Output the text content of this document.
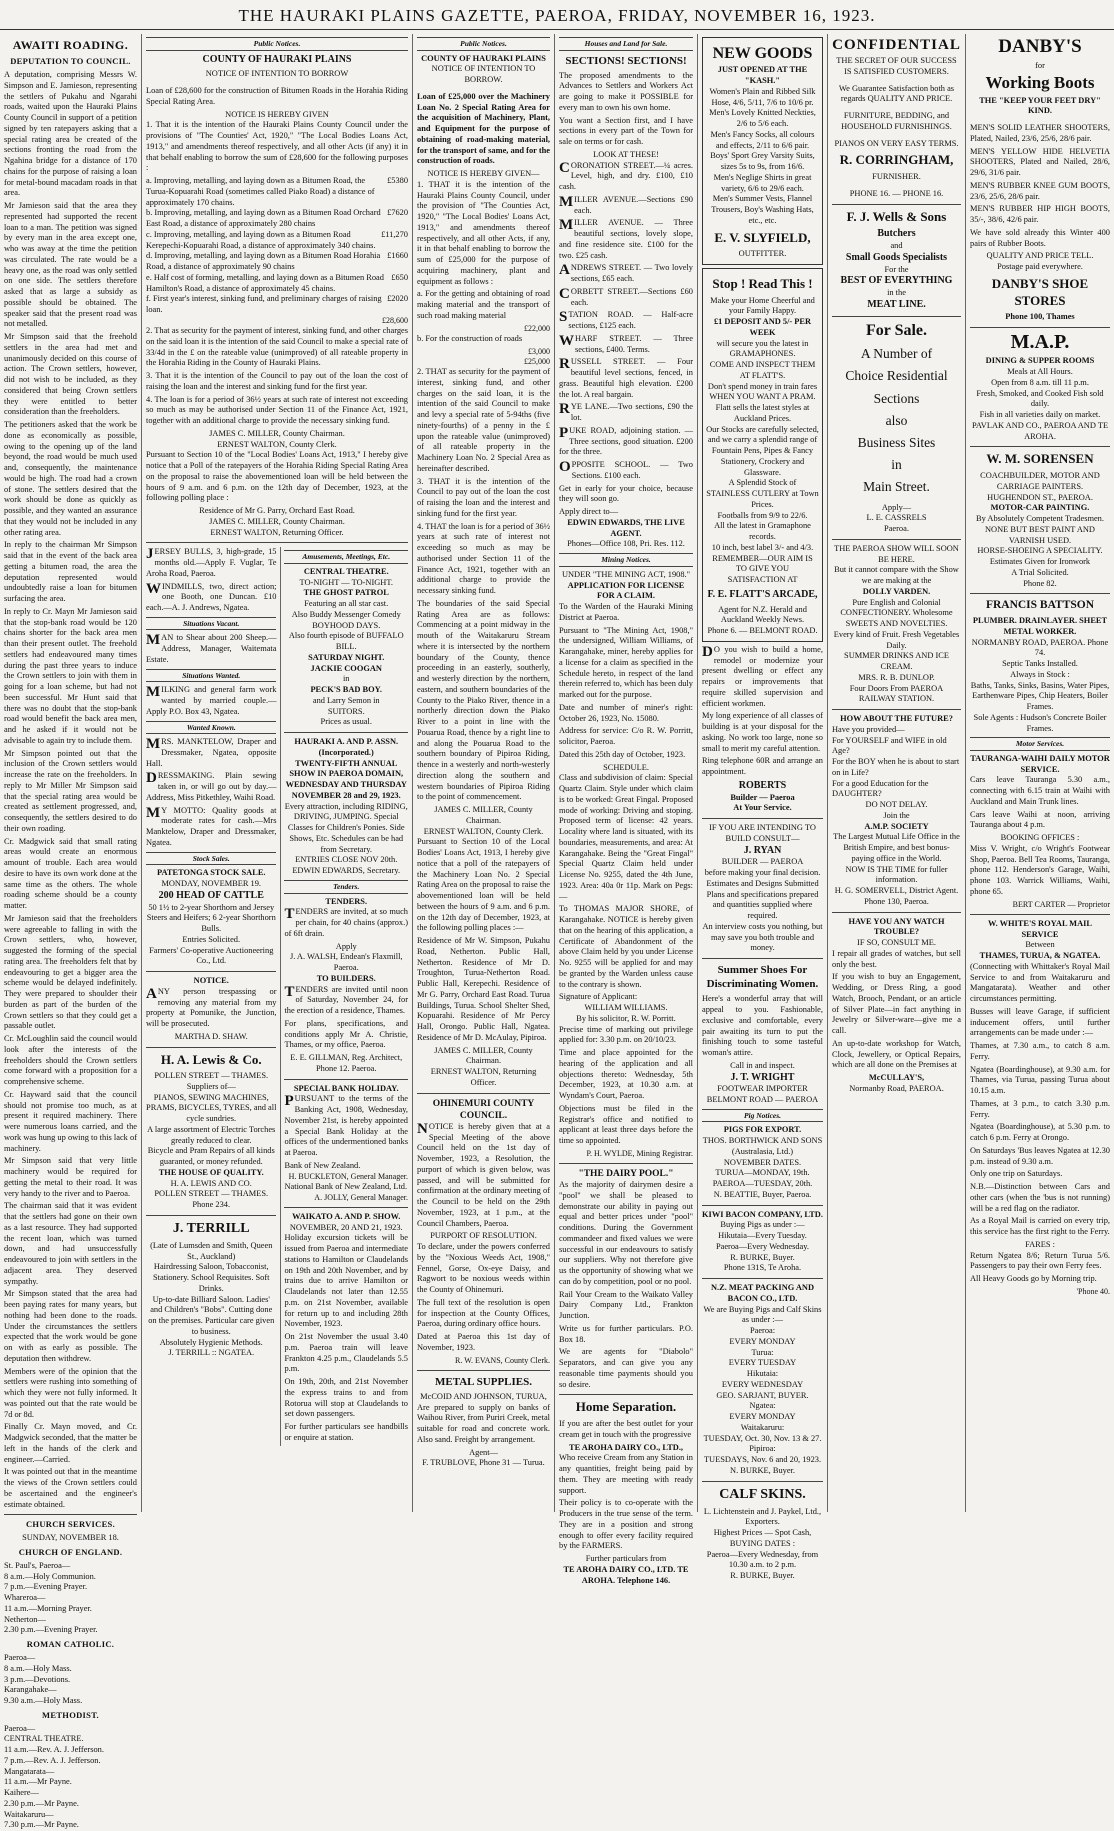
THE HAURAKI PLAINS GAZETTE, PAEROA, FRIDAY, NOVEMBER 16, 1923.
AWAITI ROADING.
DEPUTATION TO COUNCIL.

A deputation, comprising Messrs W. Simpson and E. Jamieson, representing the settlers of Pukahu and Ngarahi roads, waited upon the Hauraki Plains County Council in support of a petition signed by ten ratepayers asking that a special rating area be created of the sections fronting the road from the Ngahina bridge for a distance of 170 chains for the purpose of raising a loan for metal-bound macadam roads in that area.

Mr Jamieson said that the area they represented had supported the recent loan to a man. The petition was signed by every man in the area except one, who was away at the time the petition was circulated. The rate would be a heavy one, as the road was only settled on one side. The settlers therefore asked that as large a subsidy as possible should be obtained. The speaker said that the present road was not metalled.

Mr Simpson said that the freehold settlers in the area had met and unanimously decided on this course of action. The Crown settlers, however, did not wish to be included, as they considered that being Crown settlers they were entitled to better consideration than the freeholders.

The petitioners asked that the work be done as economically as possible, owing to the opening up of the land beyond, the road would be much used and, consequently, the maintenance would be high. The road had a crown of stone. The settlers desired that the work should be done as quickly as possible, and they wanted an assurance that they would not be included in any other rating area.

In reply to the chairman Mr Simpson said that in the event of the back area getting a bitumen road, the area the deputation represented would undoubtedly raise a loan for bitumen surfacing the area.

In reply to Cr. Mayn Mr Jamieson said that the stop-bank road would be 120 chains shorter for the back area men than their present outlet. The freehold settlers had endeavoured many times during the past three years to induce the Crown settlers to join with them in going for a loan scheme, but had not been successful. Mr Hunt said that there was no doubt that the stop-bank road would benefit the back area men, and he asked if it would not be advisable to again try to include them.

Mr Simpson pointed out that the inclusion of the Crown settlers would increase the rate on the freeholders. In reply to Mr Miller Mr Simpson said that the special rating area would be created as settlement progressed, and, consequently, the settlers desired to do their own roading.

Cr. Madgwick said that small rating areas would create an enormous amount of trouble. Each area would desire to have its own work done at the same time as the others. The whole roading scheme should be a county matter.

Mr Jamieson said that the freeholders were agreeable to falling in with the Crown settlers, who, however, suggested the forming of the special rating area. The freeholders felt that by endeavouring to get a bigger area the scheme would be delayed indefinitely. They were prepared to shoulder their burden as part of the burden of the Crown settlers so that they could get a passable outlet.

Cr. McLoughlin said the council would look after the interests of the freeholders should the Crown settlers come forward with a proposition for a comprehensive scheme.

Cr. Hayward said that the council should not promise too much, as at present it required machinery. There were numerous loans carried, and the work was hung up owing to this lack of machinery.

Mr Simpson said that very little machinery would be required for getting the metal to their road. It was very handy to the river and to Paeroa.

The chairman said that it was evident that the settlers had gone on their own as a last resource. They had supported the recent loan, which was turned down, and had unsuccessfully endeavoured to join with settlers in the adjacent area. They deserved sympathy.

Mr Simpson stated that the area had been paying rates for many years, but nothing had been done to the roads. Under the circumstances the settlers expected that the work would be gone on with as early as possible. The deputation then withdrew.

Members were of the opinion that the settlers were rushing into something of which they were not fully informed. It was pointed out that the rate would be 7d or 8d.

Finally Cr. Mayn moved, and Cr. Madgwick seconded, that the matter be left in the hands of the clerk and engineer.—Carried.

It was pointed out that in the meantime the views of the Crown settlers could be ascertained and the engineer's estimate obtained.

CHURCH SERVICES.
SUNDAY, NOVEMBER 18.
CHURCH OF ENGLAND.
St. Paul's, Paeroa—
8 a.m.—Holy Communion.
7 p.m.—Evening Prayer.
Whareroa—
11 a.m.—Morning Prayer.
Netherton—
2.30 p.m.—Evening Prayer.
ROMAN CATHOLIC.
Paeroa—
8 a.m.—Holy Mass.
3 p.m.—Devotions.
Karangahake—
9.30 a.m.—Holy Mass.
METHODIST.
Paeroa—
CENTRAL THEATRE.
11 a.m.—Rev. A. J. Jefferson.
7 p.m.—Rev. A. J. Jefferson.
Mangatarata—
11 a.m.—Mr Payne.
Kaihere—
2.30 p.m.—Mr Payne.
Waitakaruru—
7.30 p.m.—Mr Payne.
Public Notices.
COUNTY OF HAURAKI PLAINS
NOTICE OF INTENTION TO BORROW

Loan of £28,600 for the construction of Bitumen Roads in the Horahia Riding Special Rating Area.

NOTICE IS HEREBY GIVEN

1. That it is the intention of the Hauraki Plains County Council under the provisions of "The Counties' Act, 1920," "The Local Bodies Loans Act, 1913," and amendments thereof respectively, and all other Acts (if any) it in that behalf enabling to borrow the sum of £28,600 for the following purposes :

a. Improving, metalling, and laying down as a Bitumen Road, the Turua-Kopuarahi Road (sometimes called Piako Road) a distance of approximately 170 chains.
£5380
b. Improving, metalling, and laying down as a Bitumen Road Orchard East Road, a distance of approximately 280 chains
£7620
c. Improving, metalling, and laying down as a Bitumen Road Kerepechi-Kopuarahi Road, a distance of approximately 340 chains.
£11,270
d. Improving, metalling, and laying down as a Bitumen Road Horahia Road, a distance of approximately 90 chains
£1660
e. Half cost of forming, metalling, and laying down as a Bitumen Road Hamilton's Road, a distance of approximately 45 chains.
£650
f. First year's interest, sinking fund, and preliminary charges of raising loan.
£2020
£28,600

2. That as security for the payment of interest, sinking fund, and other charges on the said loan it is the intention of the said Council to make a special rate of 33/4d in the £ on the rateable value (unimproved) of all rateable property in the Horahia Riding in the County of Hauraki Plains.

3. That it is the intention of the Council to pay out of the loan the cost of raising the loan and the interest and sinking fund for the first year.

4. The loan is for a period of 36½ years at such rate of interest not exceeding so much as may be authorised under Section 11 of the Finance Act, 1921, together with an additional charge to provide the necessary sinking fund.

JAMES C. MILLER, County Chairman.
ERNEST WALTON, County Clerk.

Pursuant to Section 10 of the "Local Bodies' Loans Act, 1913," I hereby give notice that a Poll of the ratepayers of the Horahia Riding Special Rating Area on the proposal to raise the abovementioned loan will be held between the hours of 9 a.m. and 6 p.m. on the 12th day of December, 1923, at the following polling place :

Residence of Mr G. Parry, Orchard East Road.
JAMES C. MILLER, County Chairman.
ERNEST WALTON, Returning Officer.

JERSEY BULLS, 3, high-grade, 15 months old.—Apply F. Vuglar, Te Aroha Road, Paeroa.

WINDMILLS, two, direct action; one Booth, one Duncan. £10 each.—A. J. Andrews, Ngatea.

Situations Vacant.

MAN to Shear about 200 Sheep.—Address, Manager, Waitemata Estate.

Situations Wanted.

MILKING and general farm work wanted by married couple.—Apply P.O. Box 43, Ngatea.

Wanted Known.

MRS. MANKTELOW, Draper and Dressmaker, Ngatea, opposite Hall.

DRESSMAKING. Plain sewing taken in, or will go out by day.—Address, Miss Pitkethley, Waihi Road.

MY MOTTO: Quality goods at moderate rates for cash.—Mrs Manktelow, Draper and Dressmaker, Ngatea.

Stock Sales.
PATETONGA STOCK SALE.
MONDAY, NOVEMBER 19.
200 HEAD OF CATTLE
50 1½ to 2-year Shorthorn and Jersey Steers and Heifers; 6 2-year Shorthorn Bulls.
Entries Solicited.
Farmers' Co-operative Auctioneering Co., Ltd.
NOTICE.

ANY person trespassing or removing any material from my property at Pomunike, the Junction, will be prosecuted.

MARTHA D. SHAW.
H. A. Lewis & Co.
POLLEN STREET — THAMES.
Suppliers of—
PIANOS, SEWING MACHINES, PRAMS, BICYCLES, TYRES, and all cycle sundries.
A large assortment of Electric Torches greatly reduced to clear.
Bicycle and Pram Repairs of all kinds guaranted, or money refunded.
THE HOUSE OF QUALITY.
H. A. LEWIS AND CO.
POLLEN STREET — THAMES.
Phone 234.
J. TERRILL
(Late of Lumsden and Smith, Queen St., Auckland)
Hairdressing Saloon, Tobacconist, Stationery. School Requisites. Soft Drinks.
Up-to-date Billiard Saloon. Ladies' and Children's "Bobs". Cutting done on the premises. Particular care given to business.
Absolutely Hygienic Methods.
J. TERRILL :: NGATEA.
Amusements, Meetings, Etc.
CENTRAL THEATRE.
TO-NIGHT — TO-NIGHT.
THE GHOST PATROL
Featuring an all star cast.
Also Buddy Messenger Comedy BOYHOOD DAYS.
Also fourth episode of BUFFALO BILL.
SATURDAY NIGHT.
JACKIE COOGAN
in
PECK'S BAD BOY.
and Larry Semon in
SUITORS.
Prices as usual.
HAURAKI A. AND P. ASSN. (Incorporated.)
TWENTY-FIFTH ANNUAL SHOW IN PAEROA DOMAIN,
WEDNESDAY AND THURSDAY NOVEMBER 28 and 29, 1923.
Every attraction, including RIDING, DRIVING, JUMPING. Special Classes for Children's Ponies. Side Shows, Etc. Schedules can be had from Secretary.
ENTRIES CLOSE NOV 20th.
EDWIN EDWARDS, Secretary.
Tenders.
TENDERS.

TENDERS are invited, at so much per chain, for 40 chains (approx.) of 6ft drain.

Apply
J. A. WALSH, Endean's Flaxmill, Paeroa.
TO BUILDERS.

TENDERS are invited until noon of Saturday, November 24, for the erection of a residence, Thames.

For plans, specifications, and conditions apply Mr A. Christie, Thames, or my office, Paeroa.

E. E. GILLMAN, Reg. Architect,
Phone 12. Paeroa.
SPECIAL BANK HOLIDAY.

PURSUANT to the terms of the Banking Act, 1908, Wednesday, November 21st, is hereby appointed a Special Bank Holiday at the offices of the undermentioned banks at Paeroa.

Bank of New Zealand.
H. BUCKLETON, General Manager.
National Bank of New Zealand, Ltd.
A. JOLLY, General Manager.
WAIKATO A. AND P. SHOW.
NOVEMBER, 20 AND 21, 1923.

Holiday excursion tickets will be issued from Paeroa and intermediate stations to Hamilton or Claudelands on 19th and 20th November, and by trains due to arrive Hamilton or Claudelands not later than 12.55 p.m. on 21st November, available for return up to and including 28th November, 1923.

On 21st November the usual 3.40 p.m. Paeroa train will leave Frankton 4.25 p.m., Claudelands 5.5 p.m.

On 19th, 20th, and 21st November the express trains to and from Rotorua will stop at Claudelands to set down passengers.

For further particulars see handbills or enquire at station.

Public Notices.
COUNTY OF HAURAKI PLAINS
NOTICE OF INTENTION TO BORROW.

Loan of £25,000 over the Machinery Loan No. 2 Special Rating Area for the acquisition of Machinery, Plant, and Equipment for the purpose of obtaining of road-making material, for the transport of same, and for the construction of roads.

NOTICE IS HEREBY GIVEN—

1. THAT it is the intention of the Hauraki Plains County Council, under the provision of "The Counties Act, 1920," "The Local Bodies' Loans Act, 1913," and amendments thereof respectively, and all other Acts, if any, it in that behalf enabling to borrow the sum of £25,000 for the purpose of acquiring machinery, plant and equipment as follows :

a. For the getting and obtaining of road making material and the transport of such road making material

£22,000

b. For the construction of roads

£3,000
£25,000

2. THAT as security for the payment of interest, sinking fund, and other charges on the said loan, it is the intention of the said Council to make and levy a special rate of 5-94ths (five ninety-fourths) of a penny in the £ upon the rateable value (unimproved) of all rateable property in the Machinery Loan No. 2 Special Area as hereinafter described.

3. THAT it is the intention of the Council to pay out of the loan the cost of raising the loan and the interest and sinking fund for the first year.

4. THAT the loan is for a period of 36½ years at such rate of interest not exceeding so much as may be authorised under Section 11 of the Finance Act, 1921, together with an additional charge to provide the necessary sinking fund.

The boundaries of the said Special Rating Area are as follows: Commencing at a point midway in the mouth of the Waitakaruru Stream where it is intersected by the northern boundary of the County, thence proceeding in an easterly, southerly, and westerly direction by the northern, eastern, and southern boundaries of the County to the Piako River, thence in a northerly direction down the Piako River to a point in line with the Pouarua Road, thence by a right line to and along the Pouarua Road to the southern boundary of Pipiroa Riding, thence in a westerly and north-westerly direction along the southern and western boundaries of Pipiroa Riding to the point of commencement.

JAMES C. MILLER, County Chairman.
ERNEST WALTON, County Clerk.

Pursuant to Section 10 of the Local Bodies' Loans Act, 1913, I hereby give notice that a poll of the ratepayers of the Machinery Loan No. 2 Special Rating Area on the proposal to raise the abovementioned loan will be held between the hours of 9 a.m. and 6 p.m. on the 12th day of December, 1923, at the following polling places :—

Residence of Mr W. Simpson, Pukahu Road, Netherton. Public Hall, Netherton. Residence of Mr D. Troughton, Turua-Netherton Road. Public Hall, Kerepechi. Residence of Mr G. Parry, Orchard East Road. Turua Buildings, Turua. School Shelter Shed, Kopuarahi. Residence of Mr Percy Hall, Orongo. Public Hall, Ngatea. Residence of Mr D. McAulay, Pipiroa.

JAMES C. MILLER, County Chairman.
ERNEST WALTON, Returning Officer.
OHINEMURI COUNTY COUNCIL.

NOTICE is hereby given that at a Special Meeting of the above Council held on the 1st day of November, 1923, a Resolution, the purport of which is given below, was passed, and will be submitted for confirmation at the ordinary meeting of the Council to be held on the 29th November, 1923, at 1 p.m., at the Council Chambers, Paeroa.

PURPORT OF RESOLUTION.

To declare, under the powers conferred by the "Noxious Weeds Act, 1908," Fennel, Gorse, Ox-eye Daisy, and Ragwort to be noxious weeds within the County of Ohinemuri.

The full text of the resolution is open for inspection at the County Offices, Paeroa, during ordinary office hours.

Dated at Paeroa this 1st day of November, 1923.

R. W. EVANS, County Clerk.
METAL SUPPLIES.
McCOID AND JOHNSON, TURUA,

Are prepared to supply on banks of Waihou River, from Puriri Creek, metal suitable for road and concrete work. Also sand. Freight by arrangement.

Agent—
F. TRUBLOVE, Phone 31 — Turua.
Houses and Land for Sale.
SECTIONS! SECTIONS!

The proposed amendments to the Advances to Settlers and Workers Act are going to make it POSSIBLE for every man to own his own home.

You want a Section first, and I have sections in every part of the Town for sale on terms or for cash.

LOOK AT THESE!

CORONATION STREET.—¼ acres. Level, high, and dry. £100, £10 cash.

MILLER AVENUE.—Sections £90 each.

MILLER AVENUE. — Three beautiful sections, lovely slope, and fine residence site. £100 for the two. £25 cash.

ANDREWS STREET. — Two lovely sections, £65 each.

CORBETT STREET.—Sections £60 each.

STATION ROAD. — Half-acre sections, £125 each.

WHARF STREET. — Three sections, £400. Terms.

RUSSELL STREET. — Four beautiful level sections, fenced, in grass. Beautiful high elevation. £200 the lot. A real bargain.

RYE LANE.—Two sections, £90 the lot.

PUKE ROAD, adjoining station. —Three sections, good situation. £200 for the three.

OPPOSITE SCHOOL. — Two Sections. £100 each.

Get in early for your choice, because they will soon go.

Apply direct to—
EDWIN EDWARDS, THE LIVE AGENT.
Phones—Office 108, Pri. Res. 112.
Mining Notices.
UNDER "THE MINING ACT, 1908."
APPLICATION FOR LICENSE FOR A CLAIM.

To the Warden of the Hauraki Mining District at Paeroa.

Pursuant to "The Mining Act, 1908," the undersigned, William Williams, of Karangahake, miner, hereby applies for a license for a claim as specified in the Schedule hereto, in respect of the land therein referred to, which has been duly marked out for the purpose.

Date and number of miner's right: October 26, 1923, No. 15080.

Address for service: C/o R. W. Porritt, solicitor, Paeroa.

Dated this 25th day of October, 1923.

SCHEDULE.

Class and subdivision of claim: Special Quartz Claim. Style under which claim is to be worked: Great Fingal. Proposed mode of working: Driving and stoping. Proposed term of license: 42 years. Locality where land is situated, with its boundaries, measurements, and area: At Karangahake. Being the "Great Fingal" Special Quartz Claim held under License No. 9255, dated the 4th June, 1923. Area: 40a 0r 11p. Mark on Pegs: —

To THOMAS MAJOR SHORE, of Karangahake. NOTICE is hereby given that on the hearing of this application, a Certificate of Abandonment of the above Claim held by you under License No. 9255 will be applied for and may be granted by the Warden unless cause to the contrary is shown.

Signature of Applicant:
WILLIAM WILLIAMS.
By his solicitor, R. W. Porritt.

Precise time of marking out privilege applied for: 3.30 p.m. on 20/10/23.

Time and place appointed for the hearing of the application and all objections thereto: Wednesday, 5th December, 1923, at 10.30 a.m. at Wyndam's Court, Paeroa.

Objections must be filed in the Registrar's office and notified to applicant at least three days before the time so appointed.

P. H. WYLDE, Mining Registrar.
"THE DAIRY POOL."

As the majority of dairymen desire a "pool" we shall be pleased to demonstrate our ability in paying out equal and better prices under "pool" conditions. During the Government commandeer and fixed values we were successful in our endeavours to satisfy our suppliers. Why not therefore give us the opportunity of showing what we can do by competition, pool or no pool.

Rail Your Cream to the Waikato Valley Dairy Company Ltd., Frankton Junction.

Write us for further particulars. P.O. Box 18.

We are agents for "Diabolo" Separators, and can give you any reasonable time payments should you so desire.

Home Separation.

If you are after the best outlet for your cream get in touch with the progressive

TE AROHA DAIRY CO., LTD.,

Who receive Cream from any Station in any quantities, freight being paid by them. They are meeting with ready support.

Their policy is to co-operate with the Producers in the true sense of the term. They are in a position and strong enough to offer every facility required by the FARMERS.

Further particulars from
TE AROHA DAIRY CO., LTD. TE AROHA. Telephone 146.
NEW GOODS
JUST OPENED AT THE "KASH."
Women's Plain and Ribbed Silk Hose, 4/6, 5/11, 7/6 to 10/6 pr.
Men's Lovely Knitted Neckties, 2/6 to 5/6 each.
Men's Fancy Socks, all colours and effects, 2/11 to 6/6 pair.
Boys' Sport Grey Varsity Suits, sizes 5s to 9s, from 16/6.
Men's Neglige Shirts in great variety, 6/6 to 29/6 each.
Men's Summer Vests, Flannel Trousers, Boy's Washing Hats, etc., etc.
E. V. SLYFIELD,
OUTFITTER.
Stop ! Read This !
Make your Home Cheerful and your Family Happy.
£1 DEPOSIT AND 5/- PER WEEK
will secure you the latest in GRAMAPHONES.
COME AND INSPECT THEM AT FLATT'S.
Don't spend money in train fares WHEN YOU WANT A PRAM. Flatt sells the latest styles at Auckland Prices.
Our Stocks are carefully selected, and we carry a splendid range of Fountain Pens, Pipes & Fancy Stationery, Crockery and Glassware.
A Splendid Stock of STAINLESS CUTLERY at Town Prices.
Footballs from 9/9 to 22/6.
All the latest in Gramaphone records.
10 inch, best label 3/- and 4/3.
REMEMBER—OUR AIM IS TO GIVE YOU SATISFACTION AT
F. E. FLATT'S ARCADE,
Agent for N.Z. Herald and Auckland Weekly News.
Phone 6. — BELMONT ROAD.

DO you wish to build a home, remodel or modernize your present dwelling or effect any repairs or improvements that require skilled supervision and efficient workmen.

My long experience of all classes of building is at your disposal for the asking. No work too large, none so small to merit my careful attention.

Ring telephone 60R and arrange an appointment.

ROBERTS
Builder — Paeroa
At Your Service.
IF YOU ARE INTENDING TO BUILD CONSULT—
J. RYAN
BUILDER — PAEROA
before making your final decision.
Estimates and Designs Submitted Plans and specifications prepared and quantities supplied where required.
An interview costs you nothing, but may save you both trouble and money.
Summer Shoes For Discriminating Women.

Here's a wonderful array that will appeal to you. Fashionable, exclusive and comfortable, every pair awaiting its turn to put the finishing touch to some tasteful woman's attire.

Call in and inspect.
J. T. WRIGHT
FOOTWEAR IMPORTER
BELMONT ROAD — PAEROA
Pig Notices.
PIGS FOR EXPORT.
THOS. BORTHWICK AND SONS (Australasia, Ltd.)
NOVEMBER DATES.
TURUA—MONDAY, 19th.
PAEROA—TUESDAY, 20th.
N. BEATTIE, Buyer, Paeroa.
KIWI BACON COMPANY, LTD.
Buying Pigs as under :—
Hikutaia—Every Tuesday.
Paeroa—Every Wednesday.
R. BURKE, Buyer.
Phone 131S, Te Aroha.
N.Z. MEAT PACKING AND BACON CO., LTD.
We are Buying Pigs and Calf Skins as under :—
Paeroa:
EVERY MONDAY
Turua:
EVERY TUESDAY
Hikutaia:
EVERY WEDNESDAY
GEO. SARJANT, BUYER.
Ngatea:
EVERY MONDAY
Waitakaruru:
TUESDAY, Oct. 30, Nov. 13 & 27.
Pipiroa:
TUESDAYS, Nov. 6 and 20, 1923.
N. BURKE, Buyer.
CALF SKINS.
L. Lichtenstein and J. Paykel, Ltd., Exporters.
Highest Prices — Spot Cash,
BUYING DATES :
Paeroa—Every Wednesday, from 10.30 a.m. to 2 p.m.
R. BURKE, Buyer.
CONFIDENTIAL
THE SECRET OF OUR SUCCESS IS SATISFIED CUSTOMERS.
We Guarantee Satisfaction both as regards QUALITY AND PRICE.
FURNITURE, BEDDING, and HOUSEHOLD FURNISHINGS.
PIANOS ON VERY EASY TERMS.
R. CORRINGHAM,
FURNISHER.
PHONE 16. — PHONE 16.
F. J. Wells & Sons
Butchers
and
Small Goods Specialists
For the
BEST OF EVERYTHING
in the
MEAT LINE.
For Sale.
A Number of
Choice Residential
Sections
also
Business Sites
in
Main Street.
Apply—
L. E. CASSRELS
Paeroa.
THE PAEROA SHOW WILL SOON BE HERE.
But it cannot compare with the Show we are making at the
DOLLY VARDEN.
Pure English and Colonial CONFECTIONERY. Wholesome SWEETS AND NOVELTIES.
Every kind of Fruit. Fresh Vegetables Daily.
SUMMER DRINKS AND ICE CREAM.
MRS. R. B. DUNLOP.
Four Doors From PAEROA RAILWAY STATION.
HOW ABOUT THE FUTURE?
Have you provided—
For YOURSELF and WIFE in old Age?
For the BOY when he is about to start on in Life?
For a good Education for the DAUGHTER?
DO NOT DELAY.
Join the
A.M.P. SOCIETY
The Largest Mutual Life Office in the British Empire, and best bonus-paying office in the World.
NOW IS THE TIME for fuller information.
H. G. SOMERVELL, District Agent.
Phone 130, Paeroa.
HAVE YOU ANY WATCH TROUBLE?
IF SO, CONSULT ME.

I repair all grades of watches, but sell only the best.

If you wish to buy an Engagement, Wedding, or Dress Ring, a good Watch, Brooch, Pendant, or an article of Silver Plate—in fact anything in Jewelry or Silver-ware—give me a call.

An up-to-date workshop for Watch, Clock, Jewellery, or Optical Repairs, which are all done on the Premises at

McCULLAY'S,
Normanby Road, PAEROA.
DANBY'S
for
Working Boots
THE "KEEP YOUR FEET DRY" KIND.

MEN'S SOLID LEATHER SHOOTERS, Plated, Nailed, 23/6, 25/6, 28/6 pair.

MEN'S YELLOW HIDE HELVETIA SHOOTERS, Plated and Nailed, 28/6, 29/6, 31/6 pair.

MEN'S RUBBER KNEE GUM BOOTS, 23/6, 25/6, 28/6 pair.

MEN'S RUBBER HIP HIGH BOOTS, 35/-, 38/6, 42/6 pair.

We have sold already this Winter 400 pairs of Rubber Boots.

QUALITY AND PRICE TELL.
Postage paid everywhere.
DANBY'S SHOE STORES
Phone 100, Thames
M.A.P.
DINING & SUPPER ROOMS
Meals at All Hours.
Open from 8 a.m. till 11 p.m.
Fresh, Smoked, and Cooked Fish sold daily.
Fish in all varieties daily on market.
PAVLAK AND CO., PAEROA AND TE AROHA.
W. M. SORENSEN
COACHBUILDER, MOTOR AND CARRIAGE PAINTERS. HUGHENDON ST., PAEROA.
MOTOR-CAR PAINTING.
By Absolutely Competent Tradesmen.
NONE BUT BEST PAINT AND VARNISH USED.
HORSE-SHOEING A SPECIALITY.
Estimates Given for Ironwork
A Trial Solicited.
Phone 82.
FRANCIS BATTSON
PLUMBER. DRAINLAYER. SHEET METAL WORKER.
NORMANBY ROAD, PAEROA. Phone 74.
Septic Tanks Installed.
Always in Stock :
Baths, Tanks, Sinks, Basins, Water Pipes, Earthenware Pipes, Chip Heaters, Boiler Frames.
Sole Agents : Hudson's Concrete Boiler Frames.
Motor Services.
TAURANGA-WAIHI DAILY MOTOR SERVICE.

Cars leave Tauranga 5.30 a.m., connecting with 6.15 train at Waihi with Auckland and Main Trunk lines.

Cars leave Waihi at noon, arriving Tauranga about 4 p.m.

BOOKING OFFICES :

Miss V. Wright, c/o Wright's Footwear Shop, Paeroa. Bell Tea Rooms, Tauranga, phone 112. Henderson's Garage, Waihi, phone 103. Warrick Williams, Waihi, phone 65.

BERT CARTER — Proprietor
W. WHITE'S ROYAL MAIL SERVICE
Between
THAMES, TURUA, & NGATEA.

(Connecting with Whittaker's Royal Mail Service to and from Waitakaruru and Mangatarata). Weather and other circumstances permitting.

Busses will leave Garage, if sufficient inducement offers, until further arrangements can be made under :—

Thames, at 7.30 a.m., to catch 8 a.m. Ferry.

Ngatea (Boardinghouse), at 9.30 a.m. for Thames, via Turua, passing Turua about 10.15 a.m.

Thames, at 3 p.m., to catch 3.30 p.m. Ferry.

Ngatea (Boardinghouse), at 5.30 p.m. to catch 6 p.m. Ferry at Orongo.

On Saturdays 'Bus leaves Ngatea at 12.30 p.m. instead of 9.30 a.m.

Only one trip on Saturdays.

N.B.—Distinction between Cars and other cars (when the 'bus is not running) will be a red flag on the radiator.

As a Royal Mail is carried on every trip, this service has the first right to the Ferry.

FARES :

Return Ngatea 8/6; Return Turua 5/6. Passengers to pay their own Ferry fees.

All Heavy Goods go by Morning trip.

'Phone 40.
